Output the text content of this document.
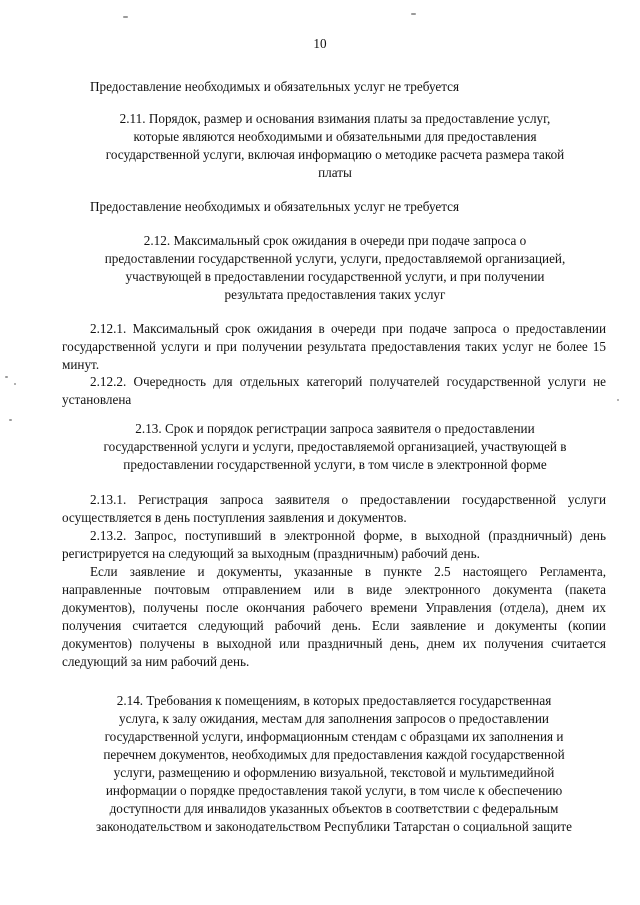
10

Предоставление необходимых и обязательных услуг не требуется

2.11. Порядок, размер и основания взимания платы за предоставление услуг,
которые являются необходимыми и обязательными для предоставления
государственной услуги, включая информацию о методике расчета размера такой
платы

Предоставление необходимых и обязательных услуг не требуется

2.12. Максимальный срок ожидания в очереди при подаче запроса о
предоставлении государственной услуги, услуги, предоставляемой организацией,
участвующей в предоставлении государственной услуги, и при получении
результата предоставления таких услуг

2.12.1. Максимальный срок ожидания в очереди при подаче запроса о предоставлении государственной услуги и при получении результата предоставления таких услуг не более 15 минут.

2.12.2. Очередность для отдельных категорий получателей государственной услуги не установлена

2.13. Срок и порядок регистрации запроса заявителя о предоставлении
государственной услуги и услуги, предоставляемой организацией, участвующей в
предоставлении государственной услуги, в том числе в электронной форме

2.13.1. Регистрация запроса заявителя о предоставлении государственной услуги осуществляется в день поступления заявления и документов.

2.13.2. Запрос, поступивший в электронной форме, в выходной (праздничный) день регистрируется на следующий за выходным (праздничным) рабочий день.

Если заявление и документы, указанные в пункте 2.5 настоящего Регламента, направленные почтовым отправлением или в виде электронного документа (пакета документов), получены после окончания рабочего времени Управления (отдела), днем их получения считается следующий рабочий день. Если заявление и документы (копии документов) получены в выходной или праздничный день, днем их получения считается следующий за ним рабочий день.

2.14. Требования к помещениям, в которых предоставляется государственная
услуга, к залу ожидания, местам для заполнения запросов о предоставлении
государственной услуги, информационным стендам с образцами их заполнения и
перечнем документов, необходимых для предоставления каждой государственной
услуги, размещению и оформлению визуальной, текстовой и мультимедийной
информации о порядке предоставления такой услуги, в том числе к обеспечению
доступности для инвалидов указанных объектов в соответствии с федеральным
законодательством и законодательством Республики Татарстан о социальной защите
